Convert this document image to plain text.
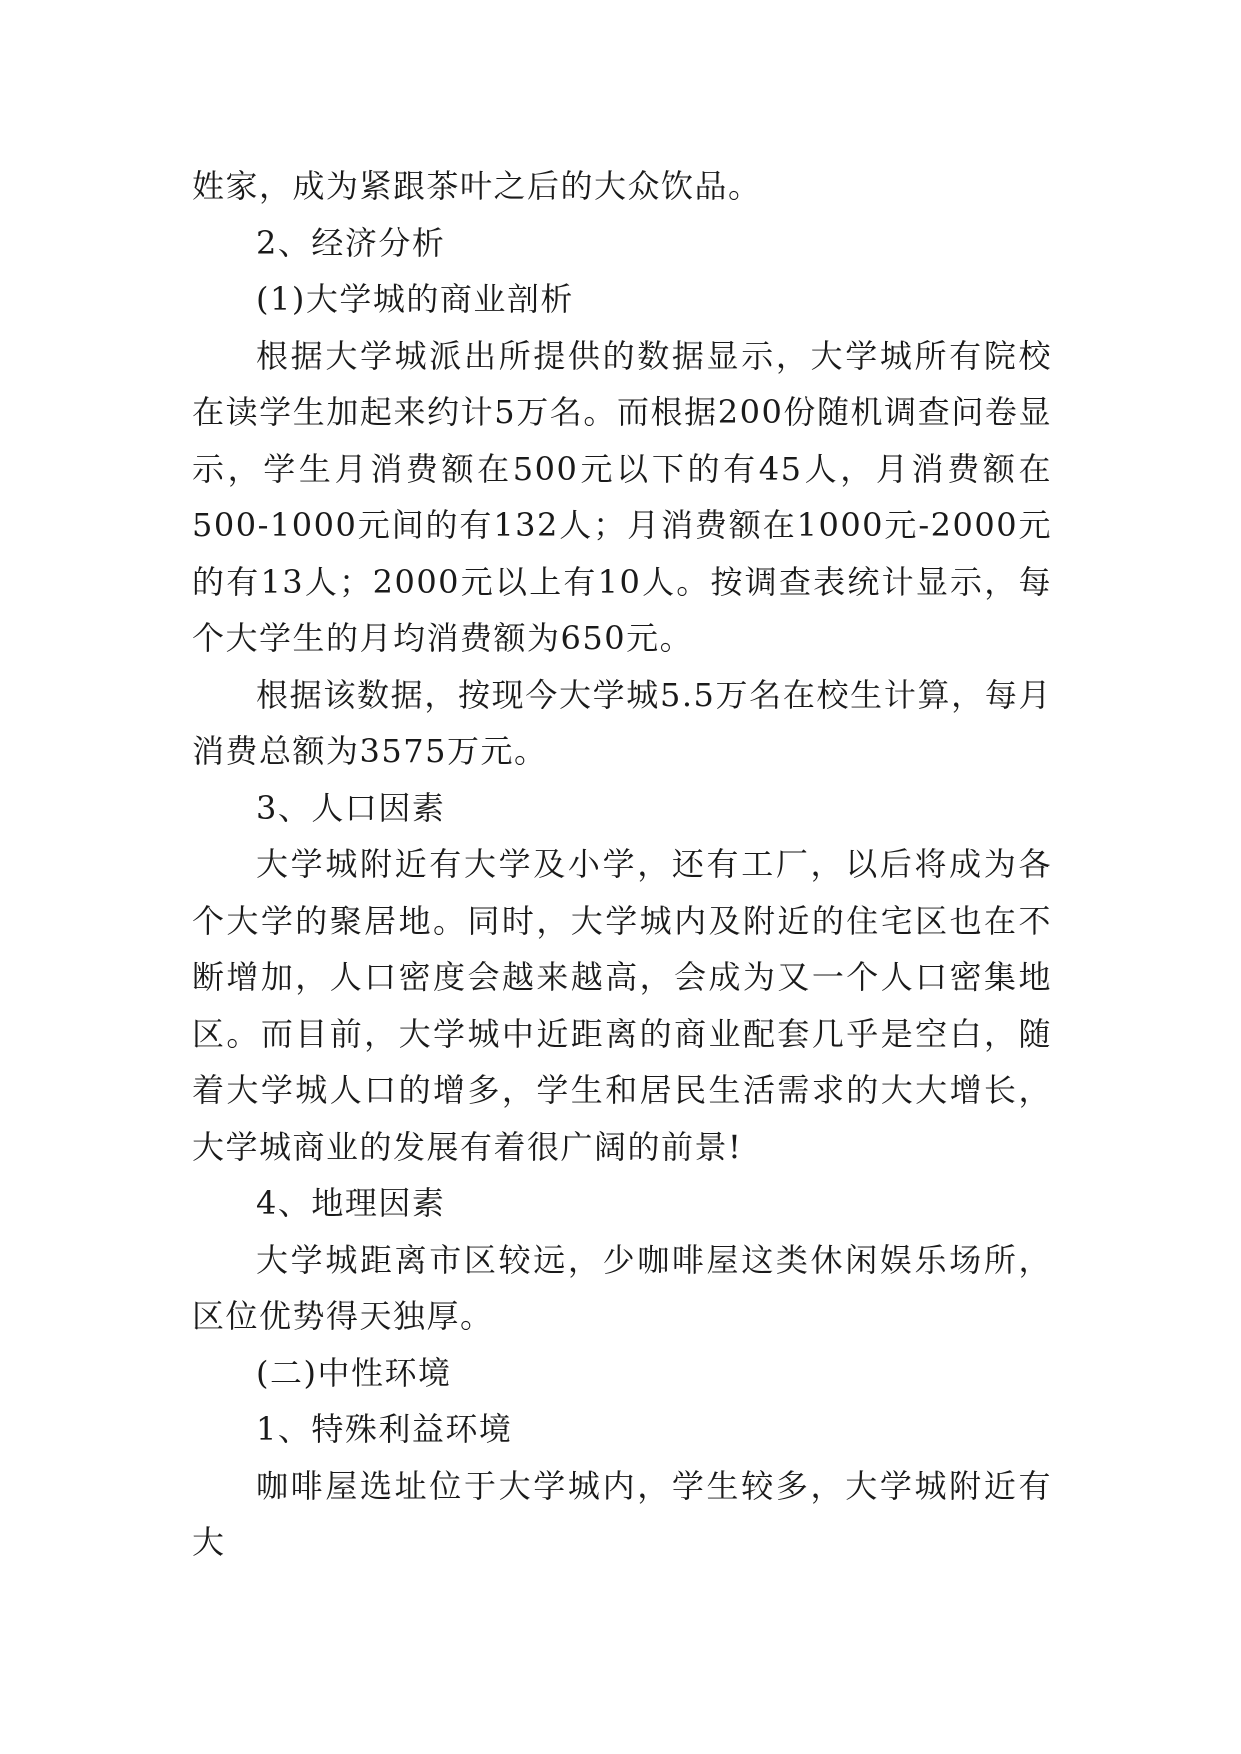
姓家，成为紧跟茶叶之后的大众饮品。

2、经济分析

(1)大学城的商业剖析

根据大学城派出所提供的数据显示，大学城所有院校在读学生加起来约计5万名。而根据200份随机调查问卷显示，学生月消费额在500元以下的有45人，月消费额在500-1000元间的有132人；月消费额在1000元-2000元的有13人；2000元以上有10人。按调查表统计显示，每个大学生的月均消费额为650元。

根据该数据，按现今大学城5.5万名在校生计算，每月消费总额为3575万元。

3、人口因素

大学城附近有大学及小学，还有工厂，以后将成为各个大学的聚居地。同时，大学城内及附近的住宅区也在不断增加，人口密度会越来越高，会成为又一个人口密集地区。而目前，大学城中近距离的商业配套几乎是空白，随着大学城人口的增多，学生和居民生活需求的大大增长，大学城商业的发展有着很广阔的前景!

4、地理因素

大学城距离市区较远，少咖啡屋这类休闲娱乐场所，区位优势得天独厚。

(二)中性环境

1、特殊利益环境

咖啡屋选址位于大学城内，学生较多，大学城附近有大
